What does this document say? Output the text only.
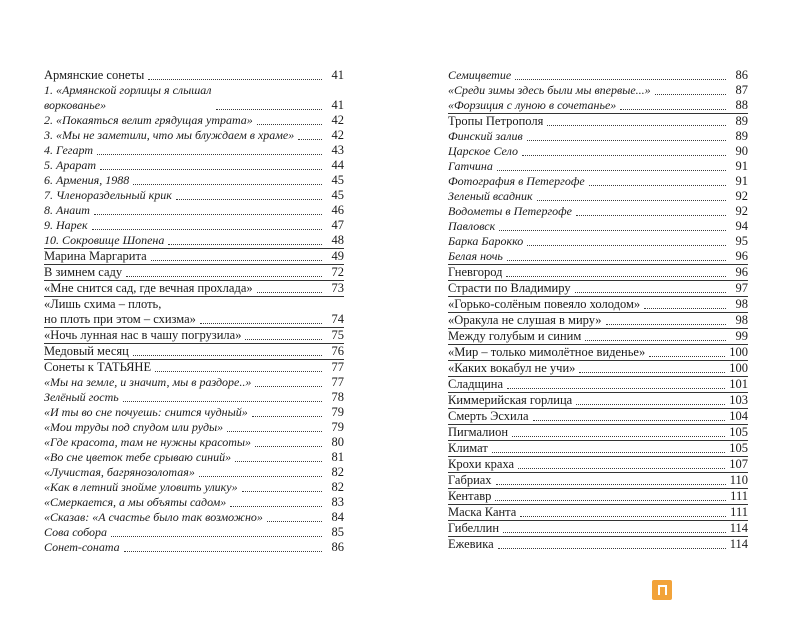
Армянские сонеты	41
1. «Армянской горлицы я слышал
воркованье»	41
2. «Покаяться велит грядущая утрата»	42
3. «Мы не заметили, что мы блуждаем в храме»	42
4. Гегарт	43
5. Арарат	44
6. Армения, 1988	45
7. Членораздельный крик	45
8. Анаит	46
9. Нарек	47
10. Сокровище Шопена	48
Марина Маргарита	49
В зимнем саду	72
«Мне снится сад, где вечная прохлада»	73
«Лишь схима – плоть,
но плоть при этом – схизма»	74
«Ночь лунная нас в чашу погрузила»	75
Медовый месяц	76
Сонеты к ТАТЬЯНЕ	77
«Мы на земле, и значит, мы в раздоре..»	77
Зелёный гость	78
«И ты во сне почуешь: снится чудный»	79
«Мои труды под спудом или руды»	79
«Где красота, там не нужны красоты»	80
«Во сне цветок тебе срываю синий»	81
«Лучистая, багрянозолотая»	82
«Как в летний знойме уловить улику»	82
«Смеркается, а мы объяты садом»	83
«Сказав: «А счастье было так возможно»	84
Сова собора	85
Сонет-соната	86
Семицветие	86
«Среди зимы здесь были мы впервые...»	87
«Форзиция с луною в сочетанье»	88
Тропы Петрополя	89
Финский залив	89
Царское Село	90
Гатчина	91
Фотография в Петергофе	91
Зеленый всадник	92
Водометы в Петергофе	92
Павловск	94
Барка Барокко	95
Белая ночь	96
Гневгород	96
Страсти по Владимиру	97
«Горько-солёным повеяло холодом»	98
«Оракула не слушая в миру»	98
Между голубым и синим	99
«Мир – только мимолётное виденье»	100
«Каких вокабул не учи»	100
Сладщина	101
Киммерийская горлица	103
Смерть Эсхила	104
Пигмалион	105
Климат	105
Крохи краха	107
Габриах	110
Кентавр	111
Маска Канта	111
Гибеллин	114
Ежевика	114
